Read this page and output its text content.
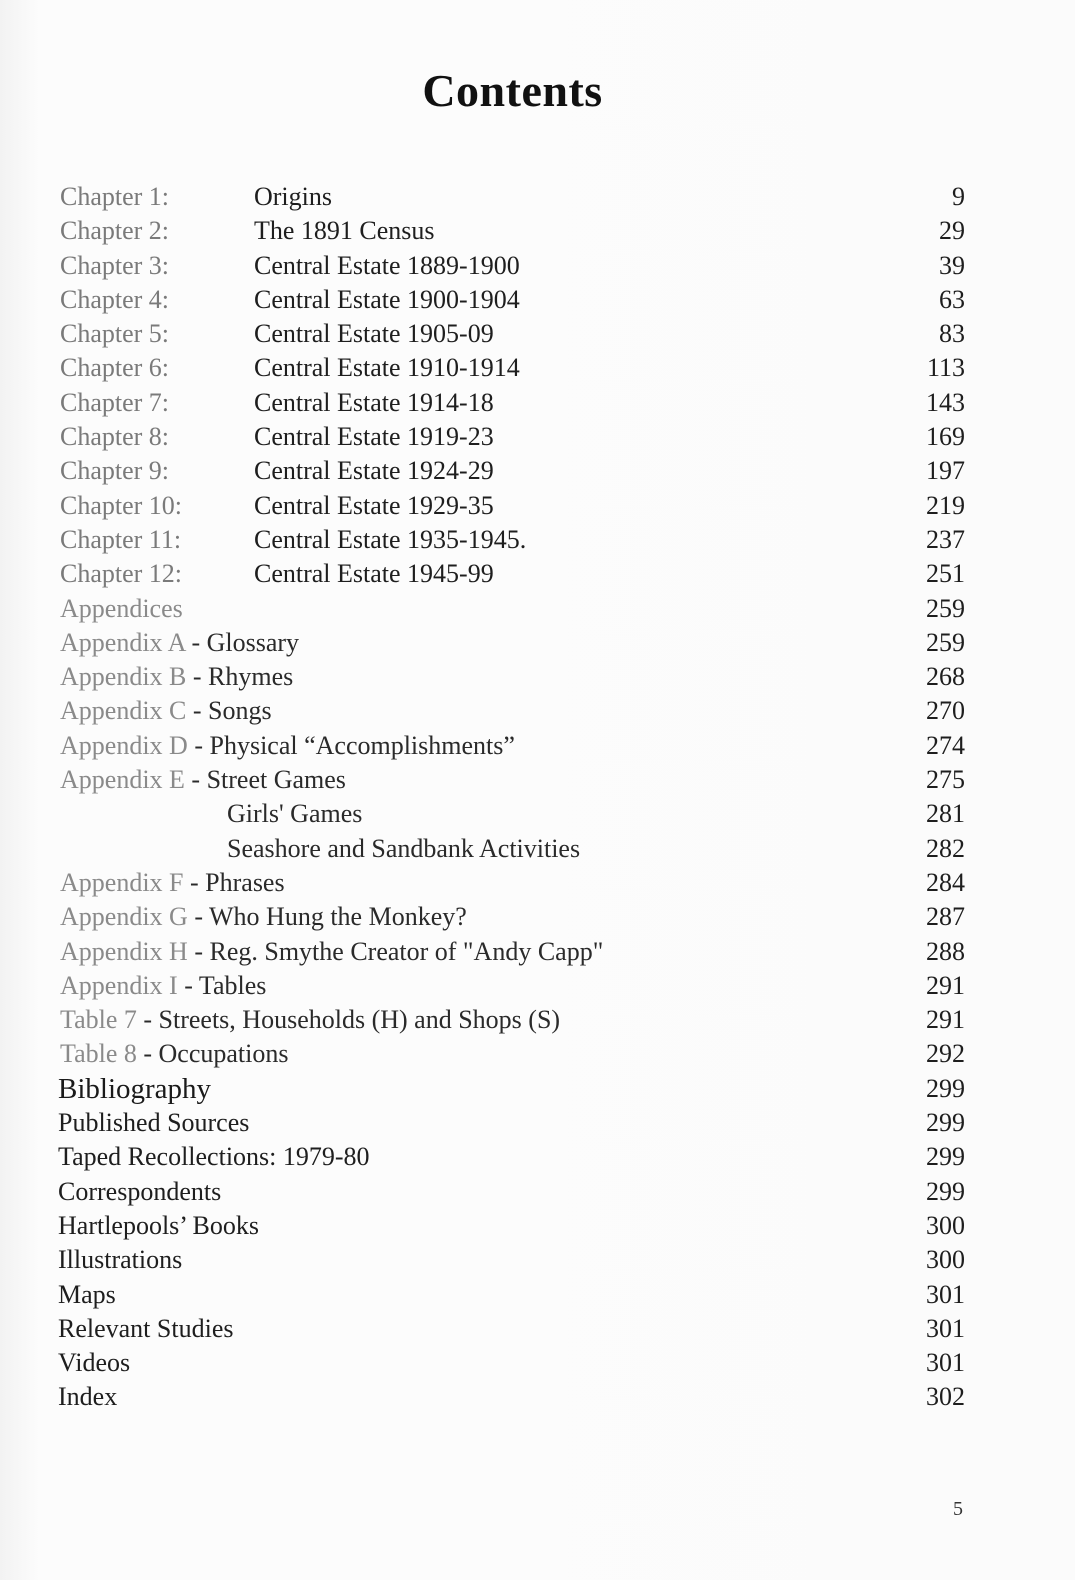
Contents
Chapter 1:	Origins	9
Chapter 2:	The 1891 Census	29
Chapter 3:	Central Estate 1889-1900	39
Chapter 4:	Central Estate 1900-1904	63
Chapter 5:	Central Estate 1905-09	83
Chapter 6:	Central Estate 1910-1914	113
Chapter 7:	Central Estate 1914-18	143
Chapter 8:	Central Estate 1919-23	169
Chapter 9:	Central Estate 1924-29	197
Chapter 10:	Central Estate 1929-35	219
Chapter 11:	Central Estate 1935-1945.	237
Chapter 12:	Central Estate 1945-99	251
Appendices	259
Appendix A - Glossary	259
Appendix B - Rhymes	268
Appendix C - Songs	270
Appendix D - Physical “Accomplishments”	274
Appendix E - Street Games	275
Girls' Games	281
Seashore and Sandbank Activities	282
Appendix F - Phrases	284
Appendix G - Who Hung the Monkey?	287
Appendix H - Reg. Smythe Creator of "Andy Capp"	288
Appendix I - Tables	291
Table 7 - Streets, Households (H) and Shops (S)	291
Table 8 - Occupations	292
Bibliography	299
Published Sources	299
Taped Recollections: 1979-80	299
Correspondents	299
Hartlepools’ Books	300
Illustrations	300
Maps	301
Relevant Studies	301
Videos	301
Index	302
5
